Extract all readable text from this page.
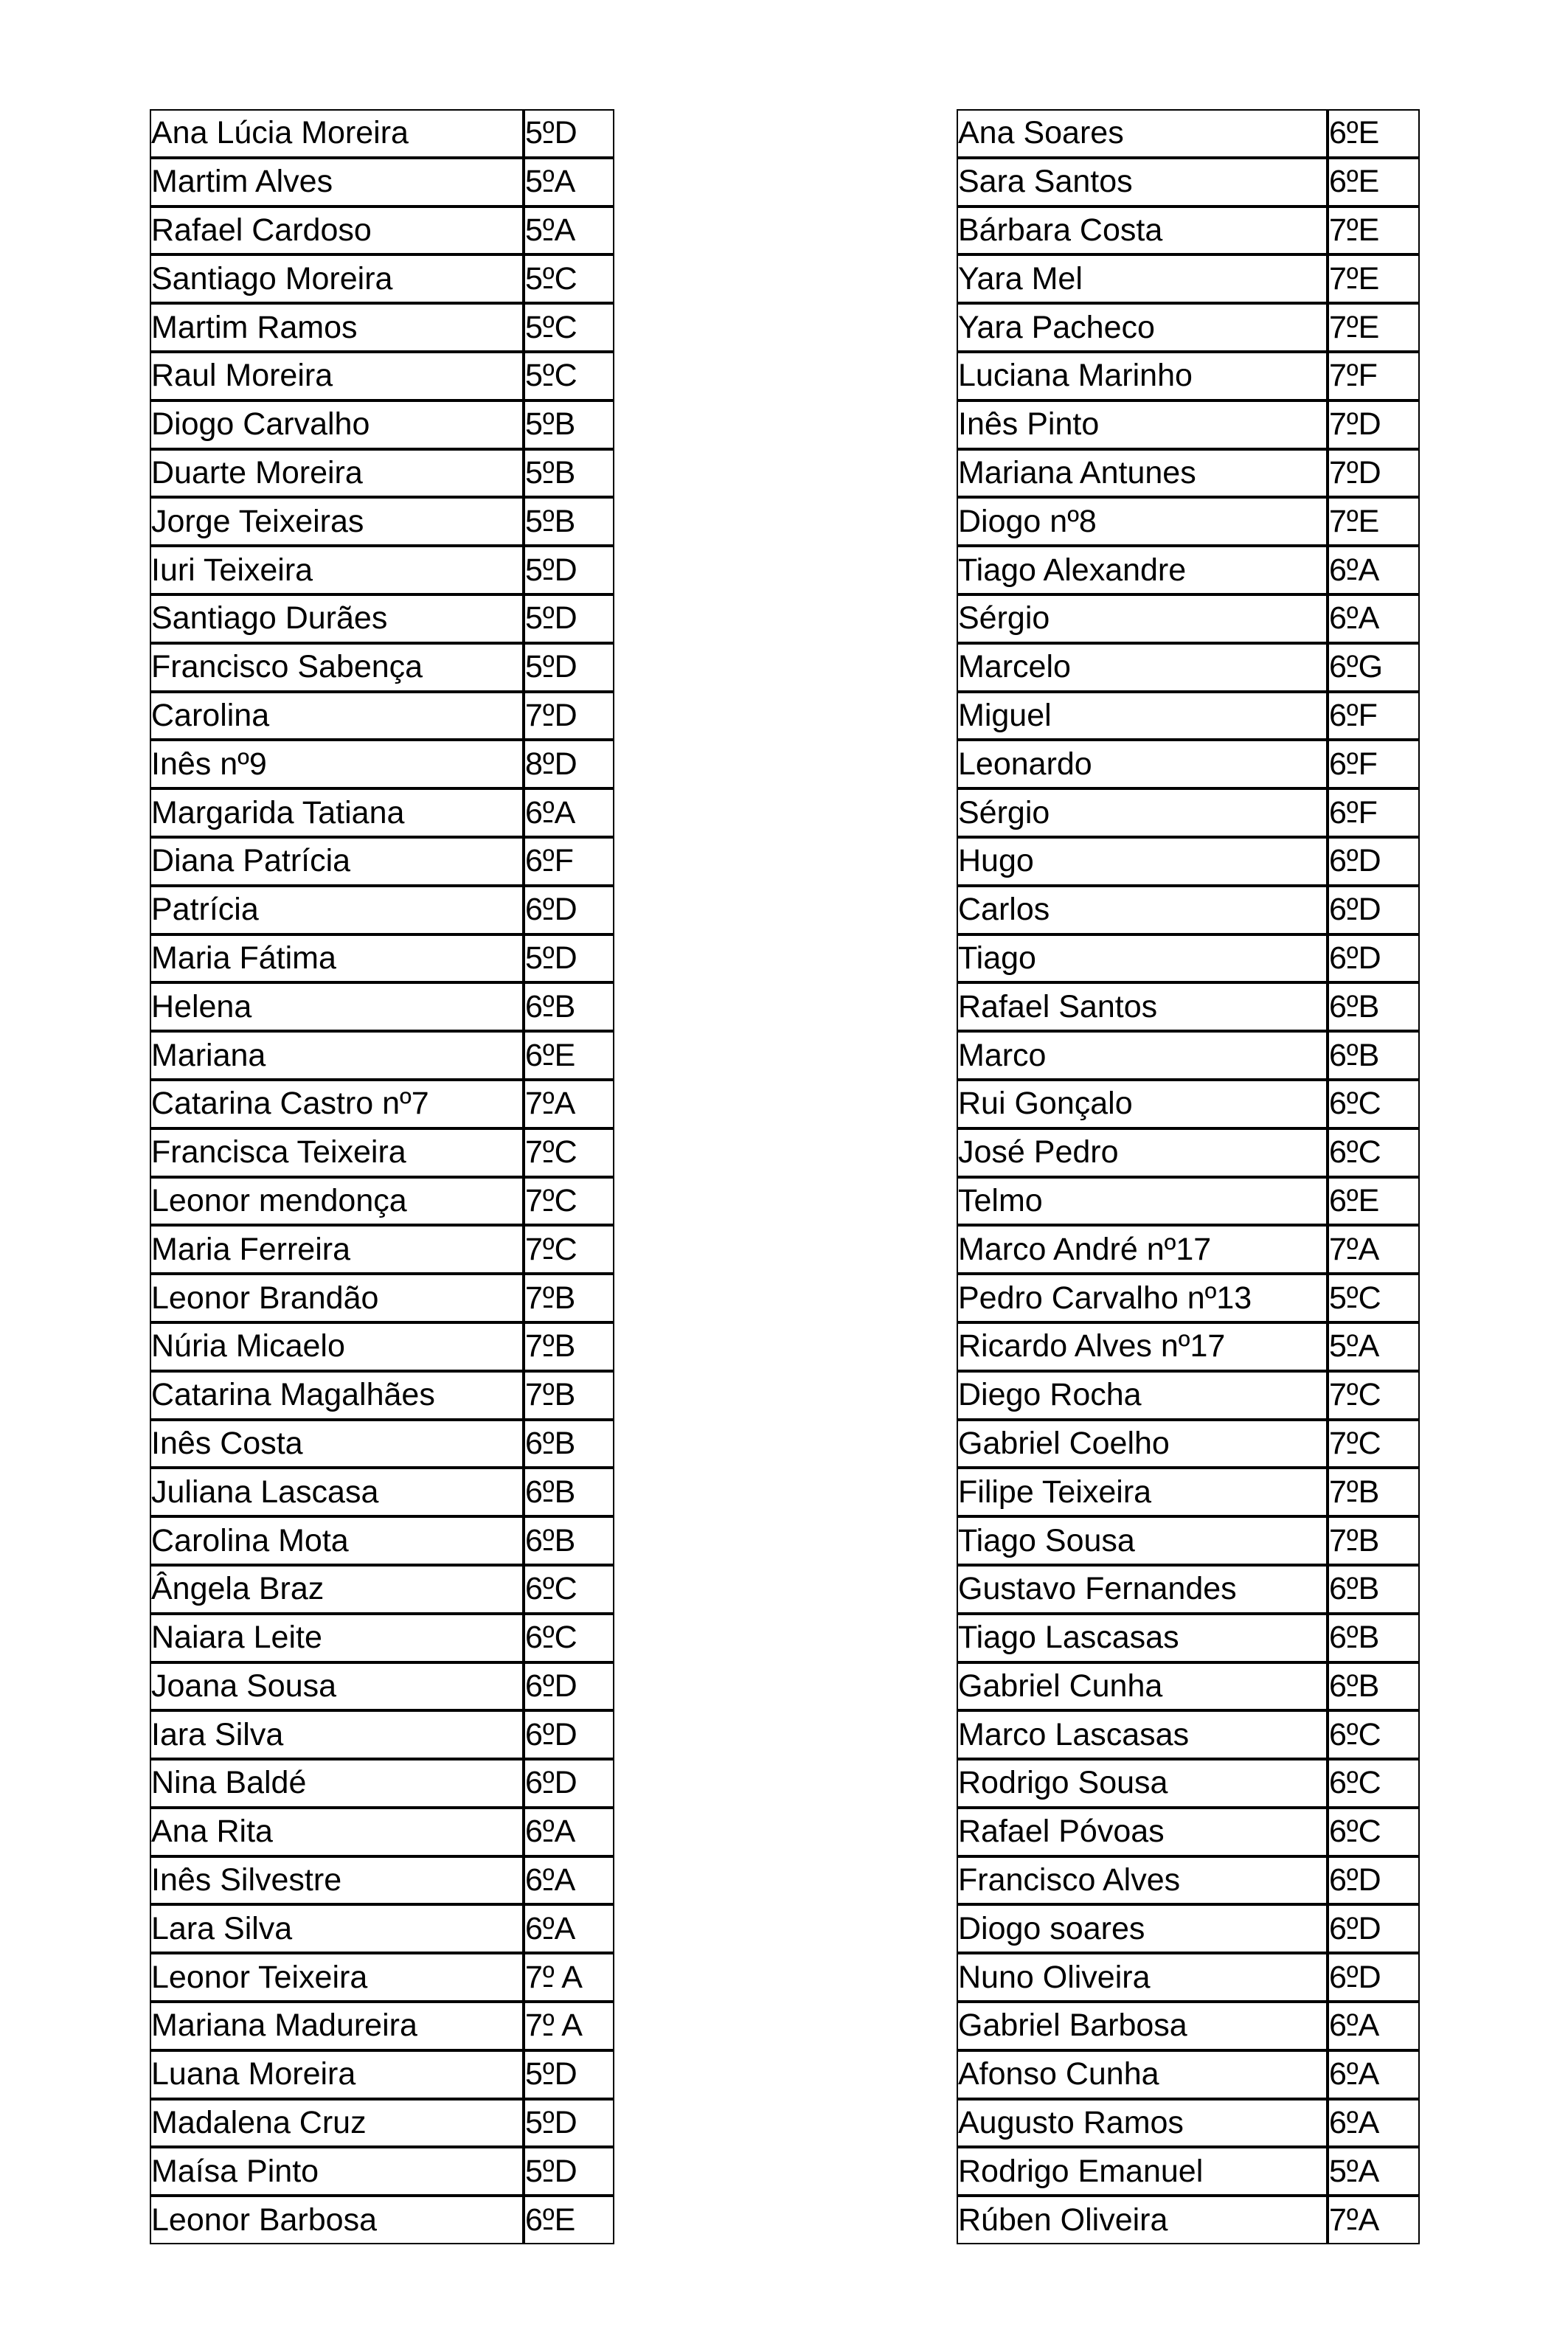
Ana Lúcia Moreira	5ºD
Martim Alves	5ºA
Rafael Cardoso	5ºA
Santiago Moreira	5ºC
Martim Ramos	5ºC
Raul Moreira	5ºC
Diogo Carvalho	5ºB
Duarte Moreira	5ºB
Jorge Teixeiras	5ºB
Iuri Teixeira	5ºD
Santiago Durães	5ºD
Francisco Sabença	5ºD
Carolina	7ºD
Inês nº9	8ºD
Margarida Tatiana	6ºA
Diana Patrícia	6ºF
Patrícia	6ºD
Maria Fátima	5ºD
Helena	6ºB
Mariana	6ºE
Catarina Castro nº7	7ºA
Francisca Teixeira	7ºC
Leonor mendonça	7ºC
Maria Ferreira	7ºC
Leonor Brandão	7ºB
Núria Micaelo	7ºB
Catarina Magalhães	7ºB
Inês Costa	6ºB
Juliana Lascasa	6ºB
Carolina Mota	6ºB
Ângela Braz	6ºC
Naiara Leite	6ºC
Joana Sousa	6ºD
Iara Silva	6ºD
Nina Baldé	6ºD
Ana Rita	6ºA
Inês Silvestre	6ºA
Lara Silva	6ºA
Leonor Teixeira	7º A
Mariana Madureira	7º A
Luana Moreira	5ºD
Madalena Cruz	5ºD
Maísa Pinto	5ºD
Leonor Barbosa	6ºE
Ana Soares	6ºE
Sara Santos	6ºE
Bárbara Costa	7ºE
Yara Mel	7ºE
Yara Pacheco	7ºE
Luciana Marinho	7ºF
Inês Pinto	7ºD
Mariana Antunes	7ºD
Diogo nº8	7ºE
Tiago Alexandre	6ºA
Sérgio	6ºA
Marcelo	6ºG
Miguel	6ºF
Leonardo	6ºF
Sérgio	6ºF
Hugo	6ºD
Carlos	6ºD
Tiago	6ºD
Rafael Santos	6ºB
Marco	6ºB
Rui Gonçalo	6ºC
José Pedro	6ºC
Telmo	6ºE
Marco André nº17	7ºA
Pedro Carvalho nº13	5ºC
Ricardo Alves nº17	5ºA
Diego Rocha	7ºC
Gabriel Coelho	7ºC
Filipe Teixeira	7ºB
Tiago Sousa	7ºB
Gustavo Fernandes	6ºB
Tiago Lascasas	6ºB
Gabriel Cunha	6ºB
Marco Lascasas	6ºC
Rodrigo Sousa	6ºC
Rafael Póvoas	6ºC
Francisco Alves	6ºD
Diogo soares	6ºD
Nuno Oliveira	6ºD
Gabriel Barbosa	6ºA
Afonso Cunha	6ºA
Augusto Ramos	6ºA
Rodrigo Emanuel	5ºA
Rúben Oliveira	7ºA
